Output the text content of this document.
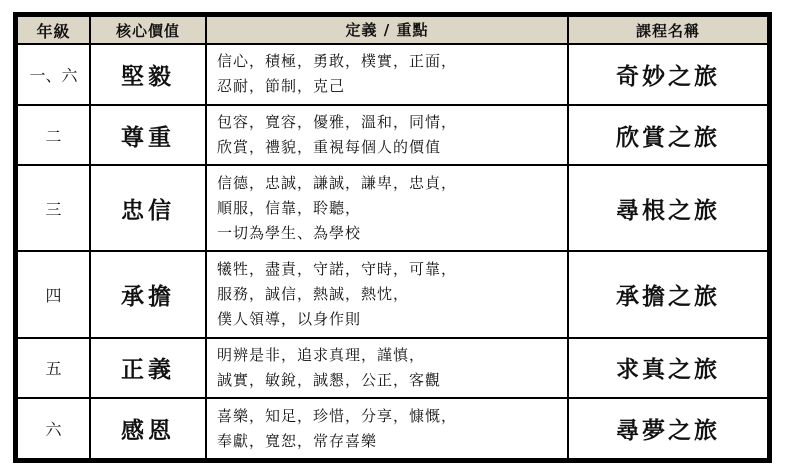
年級	核心價值	定義 / 重點	課程名稱
一、六	堅毅	信心，積極，勇敢，樸實，正面，
忍耐，節制，克己	奇妙之旅
二	尊重	包容，寬容，優雅，溫和，同情，
欣賞，禮貌，重視每個人的價值	欣賞之旅
三	忠信	信德，忠誠，謙誠，謙卑，忠貞，
順服，信靠，聆聽，
一切為學生、為學校	尋根之旅
四	承擔	犧牲，盡責，守諾，守時，可靠，
服務，誠信，熱誠，熱忱，
僕人領導，以身作則	承擔之旅
五	正義	明辨是非，追求真理，謹慎，
誠實，敏銳，誠懇，公正，客觀	求真之旅
六	感恩	喜樂，知足，珍惜，分享，慷慨，
奉獻，寬恕，常存喜樂	尋夢之旅
